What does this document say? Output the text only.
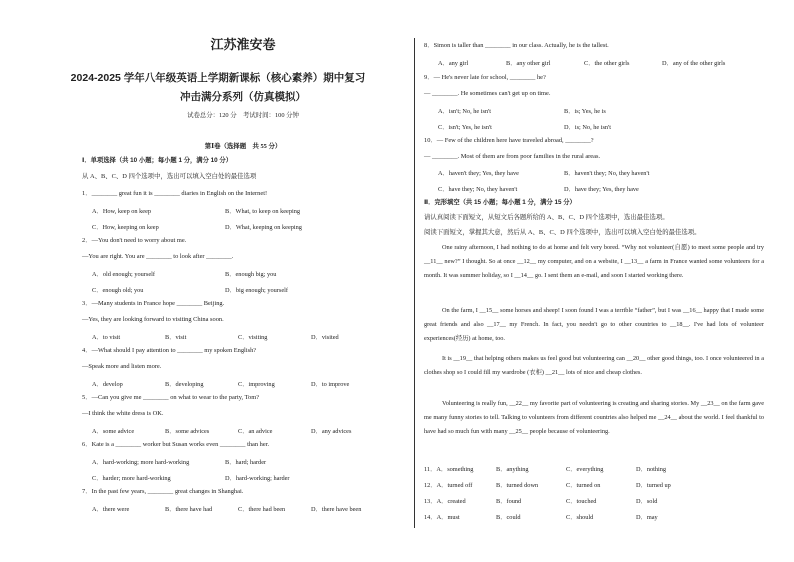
江苏淮安卷
2024-2025 学年八年级英语上学期新课标（核心素养）期中复习
冲击满分系列（仿真模拟）
试卷总分：120 分　考试时间：100 分钟
第Ⅰ卷（选择题　共 55 分）
Ⅰ．单项选择（共 10 小题；每小题 1 分，满分 10 分）
从 A、B、C、D 四个选项中，选出可以填入空白处的最佳选项
1．________ great fun it is ________ diaries in English on the Internet!
A．How, keep on keep	B．What, to keep on keeping
C．How, keeping on keep	D．What, keeping on keeping
2．—You don't need to worry about me.
—You are right. You are ________ to look after ________.
A．old enough; yourself	B．enough big; you
C．enough old; you	D．big enough; yourself
3．—Many students in France hope ________ Beijing.
—Yes, they are looking forward to visiting China soon.
A．to visit	B．visit	C．visiting	D．visited
4．—What should I pay attention to ________ my spoken English?
—Speak more and listen more.
A．develop	B．developing	C．improving	D．to improve
5．—Can you give me ________ on what to wear to the party, Tom?
—I think the white dress is OK.
A．some advice	B．some advices	C．an advice	D．any advices
6．Kate is a ________ worker but Susan works even ________ than her.
A．hard-working; more hard-working	B．hard; harder
C．harder; more hard-working	D．hard-working; harder
7．In the past few years, ________ great changes in Shanghai.
A．there were	B．there have had	C．there had been	D．there have been
8．Simon is taller than ________ in our class. Actually, he is the tallest.
A．any girl	B．any other girl	C．the other girls	D．any of the other girls
9．— He's never late for school, ________ he?
— ________. He sometimes can't get up on time.
A．isn't; No, he isn't	B．is; Yes, he is
C．isn't; Yes, he isn't	D．is; No, he isn't
10．— Few of the children here have traveled abroad, ________?
— ________. Most of them are from poor families in the rural areas.
A．haven't they; Yes, they have	B．haven't they; No, they haven't
C．have they; No, they haven't	D．have they; Yes, they have
Ⅱ．完形填空（共 15 小题；每小题 1 分，满分 15 分）
请认真阅读下面短文，从短文后各题所给的 A、B、C、D 四个选项中，选出最佳选项。
阅读下面短文，掌握其大意，然后从 A、B、C、D 四个选项中，选出可以填入空白处的最佳选项。
One rainy afternoon, I had nothing to do at home and felt very bored. “Why not volunteer(自愿) to meet some people and try __11__ new?” I thought. So at once __12__ my computer, and on a website, I __13__ a farm in France wanted some volunteers for a month. It was summer holiday, so I __14__ go. I sent them an e-mail, and soon I started working there.
On the farm, I __15__ some horses and sheep! I soon found I was a terrible “father”, but I was __16__ happy that I made some great friends and also __17__ my French. In fact, you needn't go to other countries to __18__. I've had lots of volunteer experiences(经历) at home, too.
It is __19__ that helping others makes us feel good but volunteering can __20__ other good things, too. I once volunteered in a clothes shop so I could fill my wardrobe (衣柜) __21__ lots of nice and cheap clothes.
Volunteering is really fun, __22__ my favorite part of volunteering is creating and sharing stories. My __23__ on the farm gave me many funny stories to tell. Talking to volunteers from different countries also helped me __24__ about the world. I feel thankful to have had so much fun with many __25__ people because of volunteering.
11．A．something	B．anything	C．everything	D．nothing
12．A．turned off	B．turned down	C．turned on	D．turned up
13．A．created	B．found	C．touched	D．sold
14．A．must	B．could	C．should	D．may
